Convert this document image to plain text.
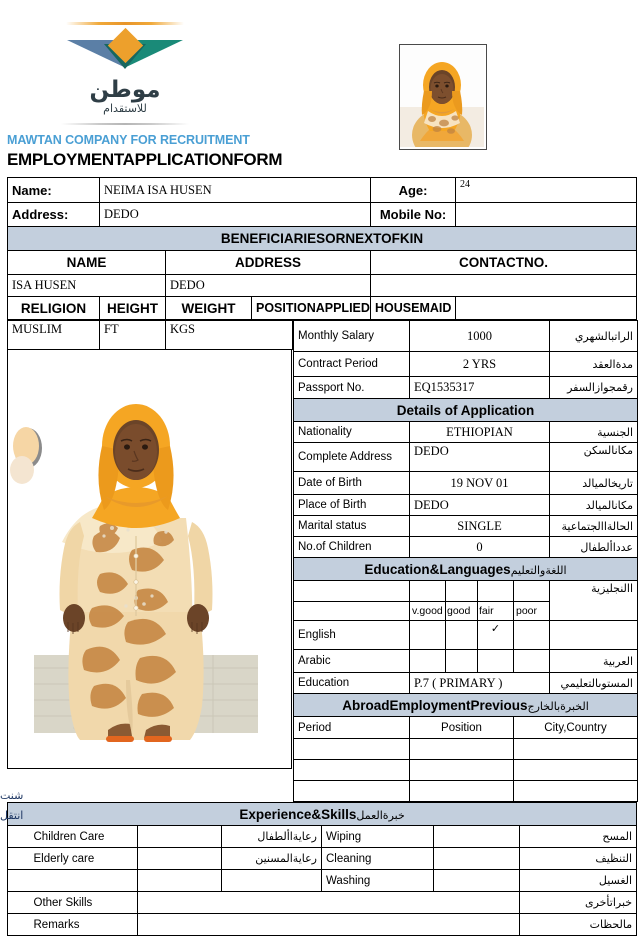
موطن
للاستقدام
MAWTAN COMPANY FOR RECRUITMENT
EMPLOYMENTAPPLICATIONFORM
Name:	NEIMA ISA HUSEN			Age:	24
Address:	DEDO			Mobile No:	
BENEFICIARIESORNEXTOFKIN					
NAME		ADDRESS		CONTACTNO.	
ISA HUSEN		DEDO			
RELIGION	HEIGHT	WEIGHT	POSITIONAPPLIED	HOUSEMAID	
MUSLIM	FT	KGS	Monthly Salary	1000				يرهشلابتارلا
Contract Period	2 YRS				دقعلاةدم
Passport No.	EQ1535317				رفسلازاوجمقر
Details of Application					
Nationality	ETHIOPIAN				ةيسنجلا
Complete Address	DEDO				نكسلاناكم
Date of Birth	19 NOV 01				دلايملاخيرات
Place of Birth	DEDO				دلايملاناكم
Marital status	SINGLE				ةيعامتجلااةلاحلا
No.of Children	0				لافطلأاددع
Education&Languagesميلعتلاوةغللا					
					ةيزيلجنلاا
	v.good	good	fair	poor	
English			✓		
Arabic					ةيبرعلا
Education	P.7 ( PRIMARY )				يميلعتلاىوتسملا
AbroadEmploymentPreviousجراخلابةربخلا					
Period	Position			City,Country	

Experience&Skillsلمعلاةربخ						
	Children Care		لافطلأاةياعر	Wiping		حسملا
	Elderly care		نينسملاةياعر	Cleaning		فيظنتلا
				Washing		ليسغلا
	Other Skills					ىرخأتاربخ
	Remarks					تاظحلام
تنش
لقتنا
